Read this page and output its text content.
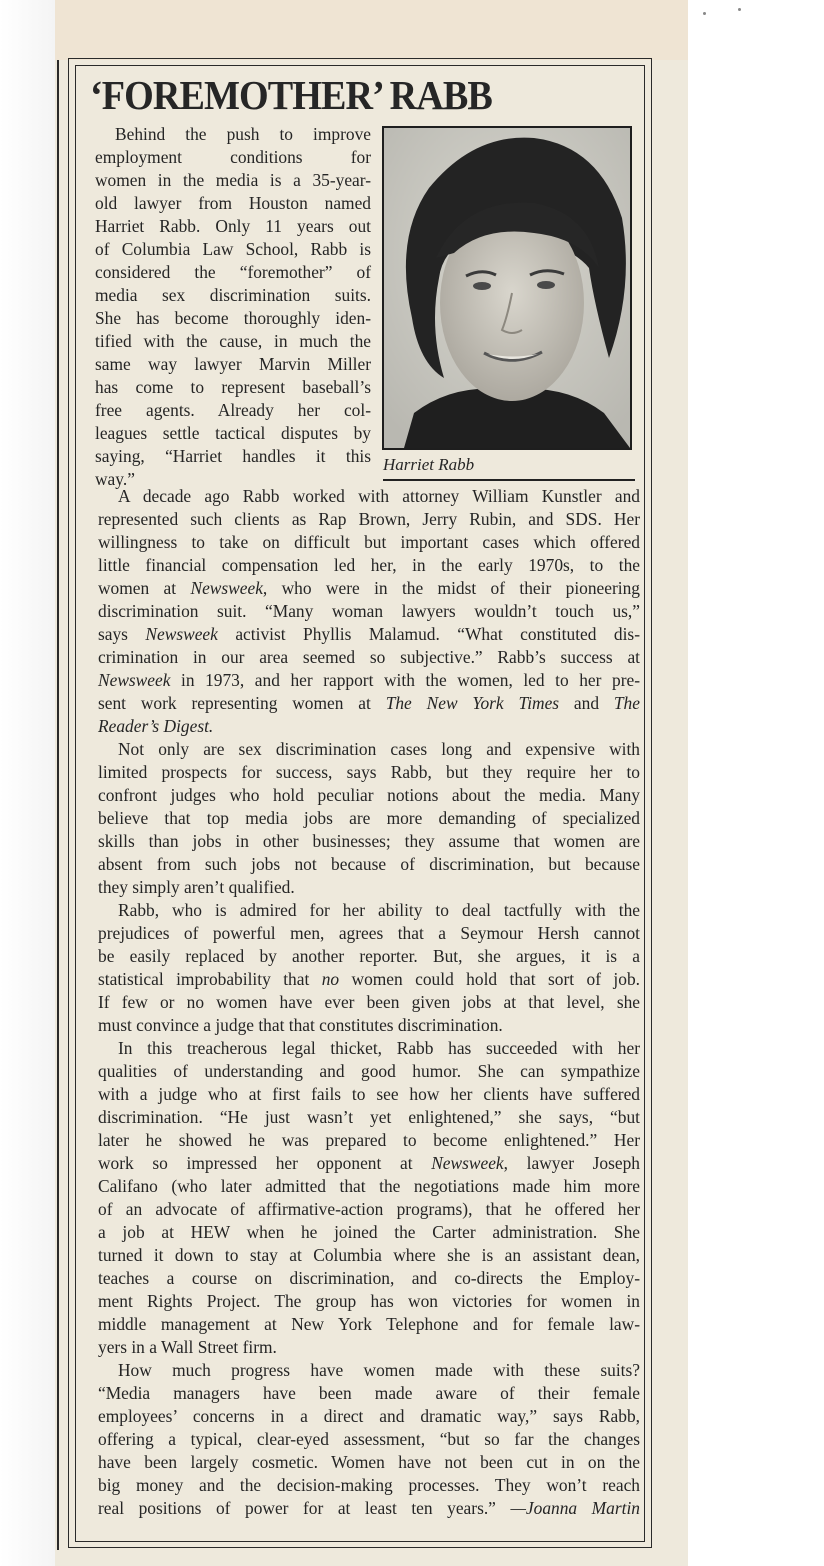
‘FOREMOTHER’ RABB
Behind the push to improve
employment conditions for
women in the media is a 35-year-
old lawyer from Houston named
Harriet Rabb. Only 11 years out
of Columbia Law School, Rabb is
considered the “foremother” of
media sex discrimination suits.
She has become thoroughly iden-
tified with the cause, in much the
same way lawyer Marvin Miller
has come to represent baseball’s
free agents. Already her col-
leagues settle tactical disputes by
saying, “Harriet handles it this
way.”
Harriet Rabb
A decade ago Rabb worked with attorney William Kunstler and
represented such clients as Rap Brown, Jerry Rubin, and SDS. Her
willingness to take on difficult but important cases which offered
little financial compensation led her, in the early 1970s, to the
women at Newsweek, who were in the midst of their pioneering
discrimination suit. “Many woman lawyers wouldn’t touch us,”
says Newsweek activist Phyllis Malamud. “What constituted dis-
crimination in our area seemed so subjective.” Rabb’s success at
Newsweek in 1973, and her rapport with the women, led to her pre-
sent work representing women at The New York Times and The
Reader’s Digest.
Not only are sex discrimination cases long and expensive with
limited prospects for success, says Rabb, but they require her to
confront judges who hold peculiar notions about the media. Many
believe that top media jobs are more demanding of specialized
skills than jobs in other businesses; they assume that women are
absent from such jobs not because of discrimination, but because
they simply aren’t qualified.
Rabb, who is admired for her ability to deal tactfully with the
prejudices of powerful men, agrees that a Seymour Hersh cannot
be easily replaced by another reporter. But, she argues, it is a
statistical improbability that no women could hold that sort of job.
If few or no women have ever been given jobs at that level, she
must convince a judge that that constitutes discrimination.
In this treacherous legal thicket, Rabb has succeeded with her
qualities of understanding and good humor. She can sympathize
with a judge who at first fails to see how her clients have suffered
discrimination. “He just wasn’t yet enlightened,” she says, “but
later he showed he was prepared to become enlightened.” Her
work so impressed her opponent at Newsweek, lawyer Joseph
Califano (who later admitted that the negotiations made him more
of an advocate of affirmative-action programs), that he offered her
a job at HEW when he joined the Carter administration. She
turned it down to stay at Columbia where she is an assistant dean,
teaches a course on discrimination, and co-directs the Employ-
ment Rights Project. The group has won victories for women in
middle management at New York Telephone and for female law-
yers in a Wall Street firm.
How much progress have women made with these suits?
“Media managers have been made aware of their female
employees’ concerns in a direct and dramatic way,” says Rabb,
offering a typical, clear-eyed assessment, “but so far the changes
have been largely cosmetic. Women have not been cut in on the
big money and the decision-making processes. They won’t reach
real positions of power for at least ten years.” —Joanna Martin
